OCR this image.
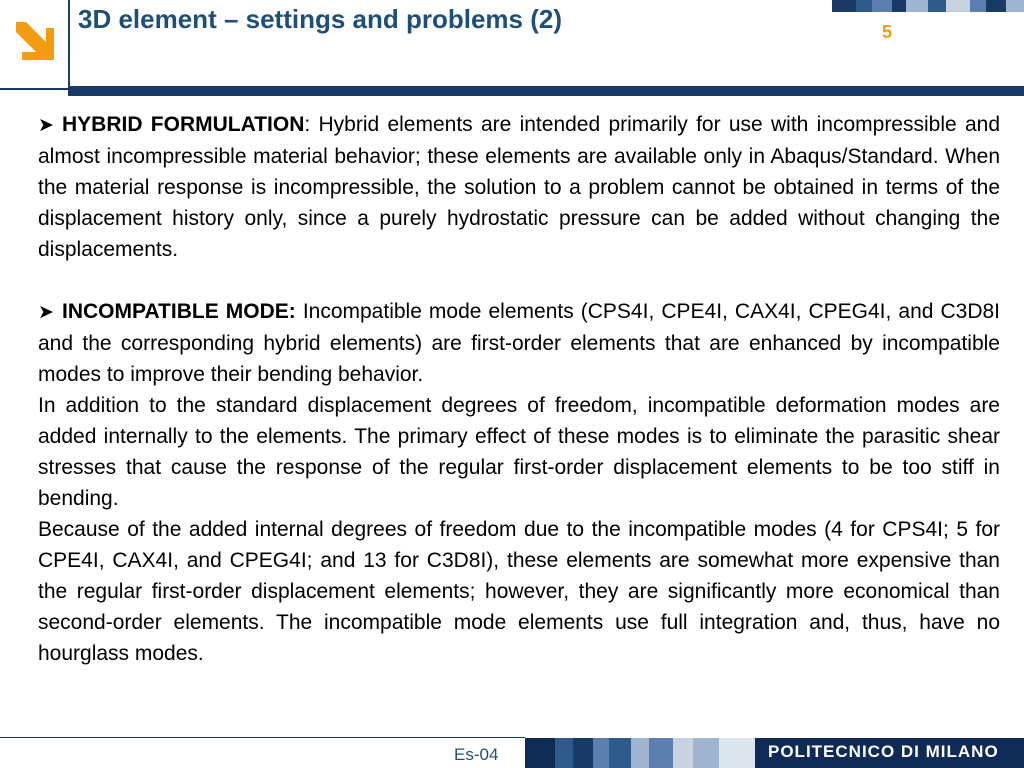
3D element – settings and problems (2)	5

➤ HYBRID FORMULATION: Hybrid elements are intended primarily for use with incompressible and almost incompressible material behavior; these elements are available only in Abaqus/Standard. When the material response is incompressible, the solution to a problem cannot be obtained in terms of the displacement history only, since a purely hydrostatic pressure can be added without changing the displacements.

➤ INCOMPATIBLE MODE: Incompatible mode elements (CPS4I, CPE4I, CAX4I, CPEG4I, and C3D8I and the corresponding hybrid elements) are first-order elements that are enhanced by incompatible modes to improve their bending behavior.

In addition to the standard displacement degrees of freedom, incompatible deformation modes are added internally to the elements. The primary effect of these modes is to eliminate the parasitic shear stresses that cause the response of the regular first-order displacement elements to be too stiff in bending.

Because of the added internal degrees of freedom due to the incompatible modes (4 for CPS4I; 5 for CPE4I, CAX4I, and CPEG4I; and 13 for C3D8I), these elements are somewhat more expensive than the regular first-order displacement elements; however, they are significantly more economical than second-order elements. The incompatible mode elements use full integration and, thus, have no hourglass modes.

Es-04	POLITECNICO DI MILANO
